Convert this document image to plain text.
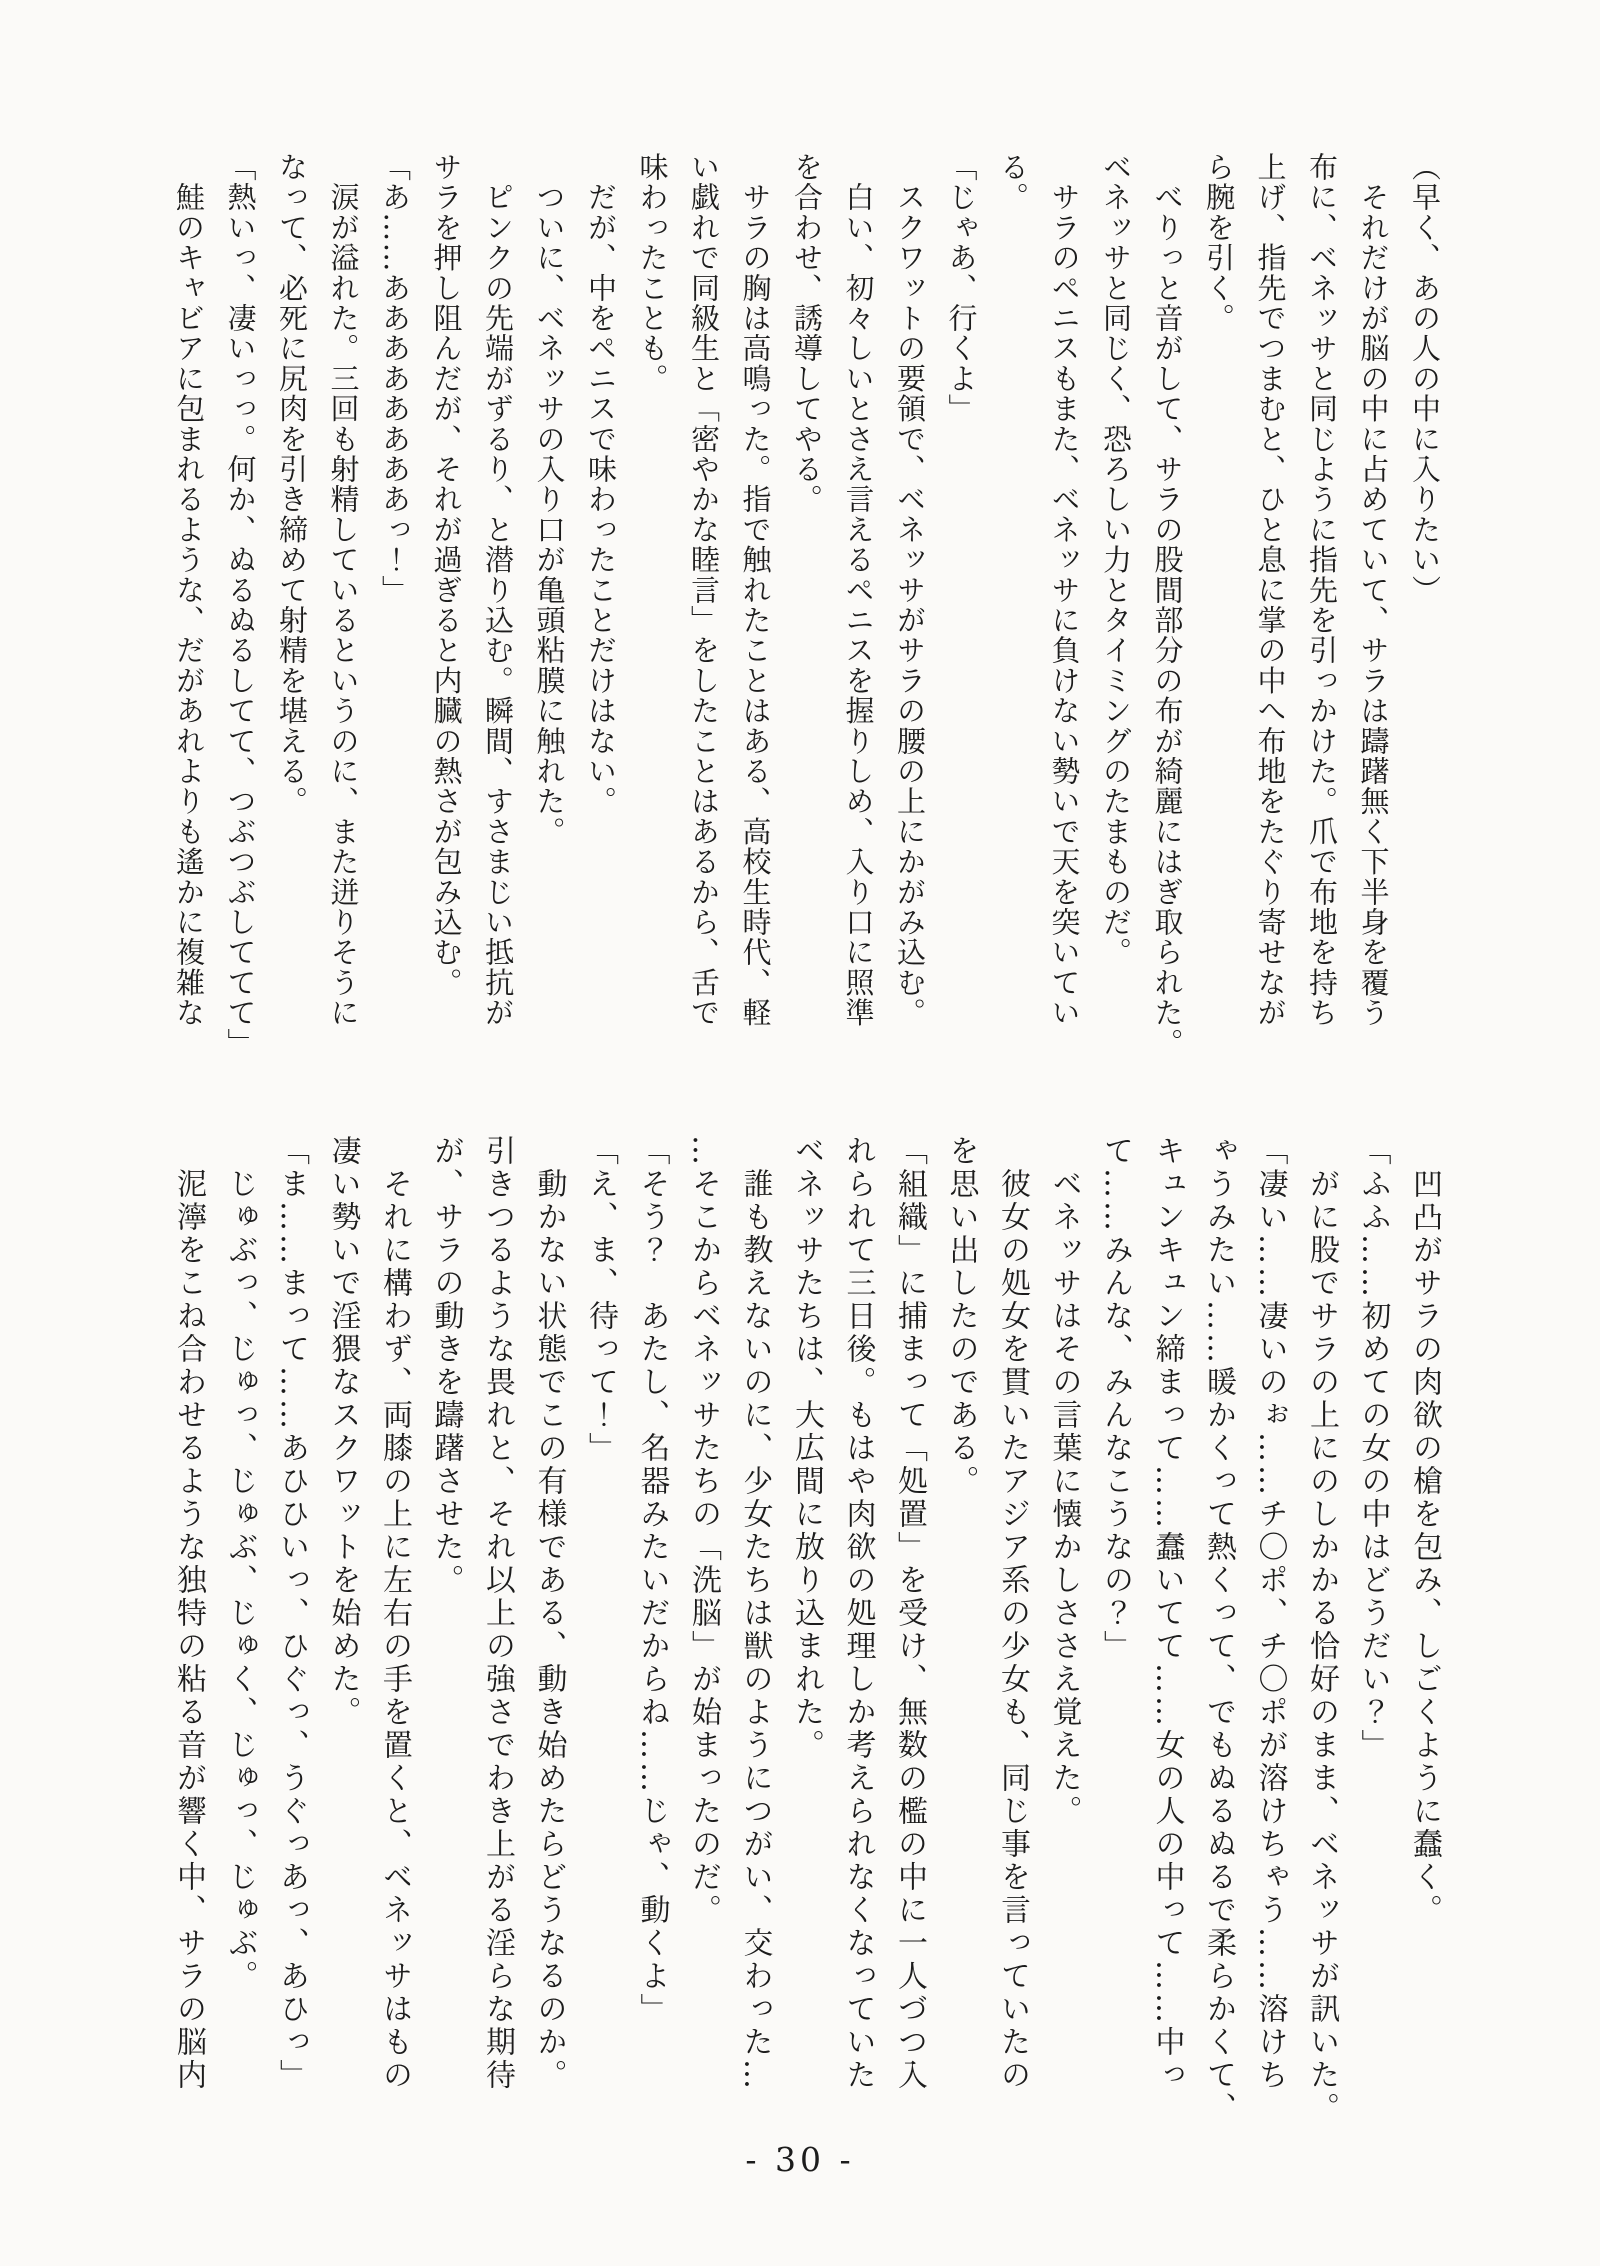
（早く、あの人の中に入りたい）

　それだけが脳の中に占めていて、サラは躊躇無く下半身を覆う

布に、ベネッサと同じように指先を引っかけた。爪で布地を持ち

上げ、指先でつまむと、ひと息に掌の中へ布地をたぐり寄せなが

ら腕を引く。

　べりっと音がして、サラの股間部分の布が綺麗にはぎ取られた。

ベネッサと同じく、恐ろしい力とタイミングのたまものだ。

　サラのペニスもまた、ベネッサに負けない勢いで天を突いてい

る。

「じゃあ、行くよ」

　スクワットの要領で、ベネッサがサラの腰の上にかがみ込む。

　白い、初々しいとさえ言えるペニスを握りしめ、入り口に照準

を合わせ、誘導してやる。

　サラの胸は高鳴った。指で触れたことはある、高校生時代、軽

い戯れで同級生と「密やかな睦言」をしたことはあるから、舌で

味わったことも。

　だが、中をペニスで味わったことだけはない。

　ついに、ベネッサの入り口が亀頭粘膜に触れた。

　ピンクの先端がずるり、と潜り込む。瞬間、すさまじい抵抗が

サラを押し阻んだが、それが過ぎると内臓の熱さが包み込む。

「あ……ああああああああっ！」

　涙が溢れた。三回も射精しているというのに、また迸りそうに

なって、必死に尻肉を引き締めて射精を堪える。

「熱いっ、凄いっっ。何か、ぬるぬるしてて、つぶつぶしててて」

　鮭のキャビアに包まれるような、だがあれよりも遙かに複雑な

　凹凸がサラの肉欲の槍を包み、しごくように蠢く。

「ふふ……初めての女の中はどうだい？」

　がに股でサラの上にのしかかる恰好のまま、ベネッサが訊いた。

「凄い……凄いのぉ……チ〇ポ、チ〇ポが溶けちゃう……溶けち

ゃうみたい……暖かくって熱くって、でもぬるぬるで柔らかくて、

キュンキュン締まって……蠢いてて……女の人の中って……中っ

て……みんな、みんなこうなの？」

　ベネッサはその言葉に懐かしささえ覚えた。

　彼女の処女を貫いたアジア系の少女も、同じ事を言っていたの

を思い出したのである。

「組織」に捕まって「処置」を受け、無数の檻の中に一人づつ入

れられて三日後。もはや肉欲の処理しか考えられなくなっていた

ベネッサたちは、大広間に放り込まれた。

　誰も教えないのに、少女たちは獣のようにつがい、交わった…

…そこからベネッサたちの「洗脳」が始まったのだ。

「そう？　あたし、名器みたいだからね……じゃ、動くよ」

「え、ま、待って！」

　動かない状態でこの有様である、動き始めたらどうなるのか。

引きつるような畏れと、それ以上の強さでわき上がる淫らな期待

が、サラの動きを躊躇させた。

　それに構わず、両膝の上に左右の手を置くと、ベネッサはもの

凄い勢いで淫猥なスクワットを始めた。

「ま……まって……あひひいっ、ひぐっ、うぐっあっ、あひっ」

　じゅぶっ、じゅっ、じゅぶ、じゅく、じゅっ、じゅぶ。

　泥濘をこね合わせるような独特の粘る音が響く中、サラの脳内

- 30 -
